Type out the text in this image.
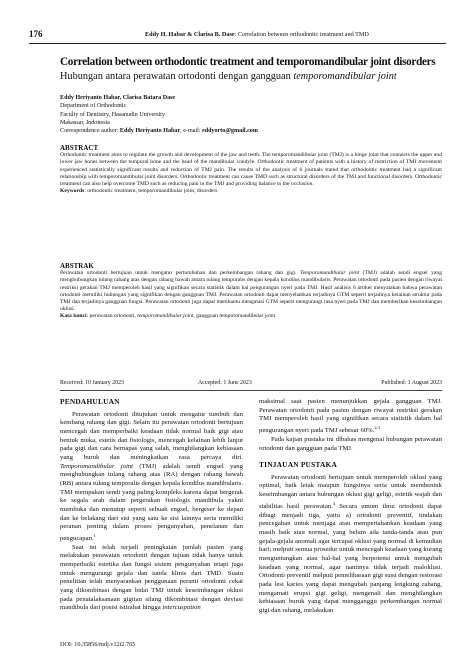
176	Eddy H. Habar & Clarisa B. Dase: Correlation between orthodontic treatment and TMD
Correlation between orthodontic treatment and temporomandibular joint disorders
Hubungan antara perawatan ortodonti dengan gangguan temporomandibular joint
Eddy Heriyanto Habar, Clarisa Batara Dase
Department of Orthodontic
Faculty of Dentistry, Hasanudin University
Makassar, Indonesia
Correspondence author: Eddy Heriyanto Habar, e-mail: eddyorto@gmail.com
ABSTRACT
Orthodontic treatment aims to regulate the growth and development of the jaw and teeth. The temporomandibular joint (TMJ) is a hinge joint that connects the upper and lower jaw bones between the temporal bone and the head of the mandibular condyle. Orthodontic treatment of patients with a history of restriction of TMJ movement experienced statistically significant results and reduction of TMJ pain. The results of the analysis of 6 journals stated that orthodontic treatment had a significant relationship with temporomandibular joint disorders. Orthodontic treatment can cause TMD such as structural disorders of the TMJ and functional disorders. Orthodontic treatment can also help overcome TMD such as reducing pain in the TMJ and providing balance to the occlusion.
Keywords: orthodontic treatment, temporomandibular joint, disorders
ABSTRAK
Perawatan ortodonti bertujuan untuk mengatur pertumbuhan dan perkembangan rahang dan gigi. Temporomandibular joint (TMJ) adalah sendi engsel yang menghubungkan tulang rahang atas dengan rahang bawah antara tulang temporalis dengan kepala kondilus mandibularis. Perawatan ortodonti pada pasien dengan riwayat restriksi gerakan TMJ memperoleh hasil yang signifikan secara statistik dalam hal pengurangan nyeri pada TMJ. Hasil analisis 6 artikel menyatakan bahwa perawatan ortodonti memiliki hubungan yang signifikan dengan gangguan TMJ. Perawatan ortodonti dapat menyebabkan terjadinya GTM seperti terjadinya kelainan struktur pada TMJ dan terjadinya gangguan fungsi. Perawatan ortodonti juga dapat membantu mengatasi GTM seperti mengurangi rasa nyeri pada TMJ dan memberikan keseimbangan oklusi.
Kata kunci: perawatan ortodonti, temporomandibular joint, gangguan temporomandibular joint
Received: 10 January 2023	Accepted: 1 June 2023	Published: 1 August 2023
PENDAHULUAN

Perawatan ortodonti ditujukan untuk mengatur tumbuh dan kembang rahang dan gigi. Selain itu perawatan ortodonti bertujuan mencegah dan memperbaiki keadaan tidak normal baik gigi atau bentuk muka, estetis dan fisiologis, mencegah kelainan lebih lanjut pada gigi dan cara bernapas yang salah, menghilangkan kebiasaan yang buruk dan meningkatkan rasa percaya diri. Temporomandibular joint (TMJ) adalah sendi engsel yang menghubungkan tulang rahang atas (RA) dengan rahang bawah (RB) antara tulang temporalis dengan kepala kondilus mandibularis. TMJ merupakan sendi yang paling kompleks karena dapat bergerak ke segala arah dalam pergerakan fisiologis mandibula yakni membuka dan menutup seperti sebuah engsel, bergeser ke depan dan ke belakang dari sisi yang satu ke sisi lainnya serta memiliki peranan penting dalam proses pengunyahan, penelanan dan pengucapan.$^1$

Saat ini telah terjadi peningkatan jumlah pasien yang melakukan perawatan ortodonti dengan tujuan tidak hanya untuk memperbaiki estetika dan fungsi sistem pengunyahan tetapi juga untuk mengurangi gejala dan tanda klinis dari TMD. Suatu penelitian telah menyarankan penggunaan peranti ortodonti cekat yang dikombinasi dengan bidai TMJ untuk keseimbangan oklusi pada penatalaksanaan gigitan silang dikombinasi dengan deviasi mandibula dari posisi istirahat hingga intercuspation

maksimal saat pasien menunjukkan gejala gangguan TMJ. Perawatan ortodonti pada pasien dengan riwayat restriksi gerakan TMJ memperoleh hasil yang signifikan secara statistik dalam hal pengurangan nyeri pada TMJ sebesar 60%.$^{2,3}$

Pada kajian pustaka ini dibahas mengenai hubungan perawatan ortodonti dan gangguan pada TMJ.

TINJAUAN PUSTAKA

Perawatan ortodonti bertujuan untuk memperoleh oklusi yang optimal, baik letak maupun fungsinya serta untuk membentuk keseimbangan antara hubungan oklusi gigi geligi, estetik wajah dan stabilitas hasil perawatan.$^4$ Secara umum ilmu ortodonti dapat dibagi menjadi tiga, yaitu a) ortodonti preventif, tindakan pencegahan untuk menjaga atau mempertahankan keadaan yang masih baik atau normal, yang belum ada tanda-tanda atau pun gejala-gejala anomali agar tercapai oklusi yang normal di kemudian hari; melputi semua prosedur untuk mencegah keadaan yang kurang menguntungkan atau hal-hal yang berpotensi untuk mengubah keadaan yang normal, agar nantinya tidak terjadi maloklusi. Ortodonti preventif melputi pemeliharaan gigi susu dengan restorasi pada lesi karies yang dapat mengubah panjang lengkung rahang, mengamati erupsi gigi geligi, mengenali dan menghilangkan kebiasaan buruk yang dapat mengganggu perkembangan normal gigi dan rahang, melakukan

DOI: 10.35856/mdj.v12i2.765
